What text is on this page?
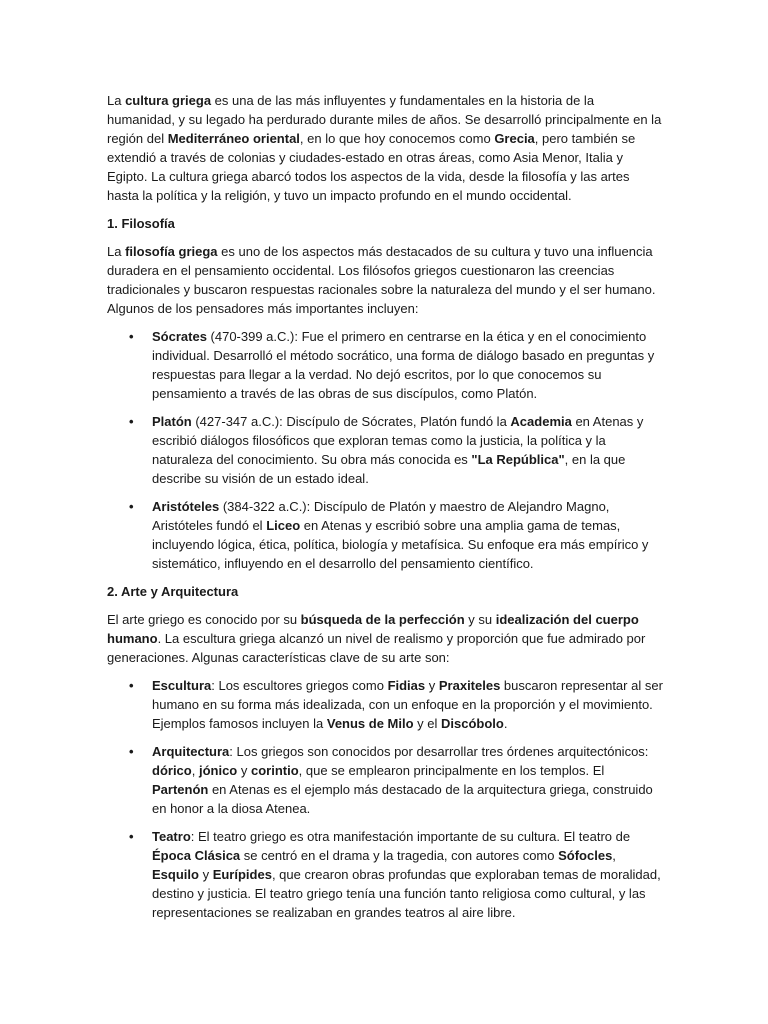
La cultura griega es una de las más influyentes y fundamentales en la historia de la humanidad, y su legado ha perdurado durante miles de años. Se desarrolló principalmente en la región del Mediterráneo oriental, en lo que hoy conocemos como Grecia, pero también se extendió a través de colonias y ciudades-estado en otras áreas, como Asia Menor, Italia y Egipto. La cultura griega abarcó todos los aspectos de la vida, desde la filosofía y las artes hasta la política y la religión, y tuvo un impacto profundo en el mundo occidental.

1. Filosofía

La filosofía griega es uno de los aspectos más destacados de su cultura y tuvo una influencia duradera en el pensamiento occidental. Los filósofos griegos cuestionaron las creencias tradicionales y buscaron respuestas racionales sobre la naturaleza del mundo y el ser humano. Algunos de los pensadores más importantes incluyen:

• Sócrates (470-399 a.C.): Fue el primero en centrarse en la ética y en el conocimiento individual. Desarrolló el método socrático, una forma de diálogo basado en preguntas y respuestas para llegar a la verdad. No dejó escritos, por lo que conocemos su pensamiento a través de las obras de sus discípulos, como Platón.
• Platón (427-347 a.C.): Discípulo de Sócrates, Platón fundó la Academia en Atenas y escribió diálogos filosóficos que exploran temas como la justicia, la política y la naturaleza del conocimiento. Su obra más conocida es "La República", en la que describe su visión de un estado ideal.
• Aristóteles (384-322 a.C.): Discípulo de Platón y maestro de Alejandro Magno, Aristóteles fundó el Liceo en Atenas y escribió sobre una amplia gama de temas, incluyendo lógica, ética, política, biología y metafísica. Su enfoque era más empírico y sistemático, influyendo en el desarrollo del pensamiento científico.

2. Arte y Arquitectura

El arte griego es conocido por su búsqueda de la perfección y su idealización del cuerpo humano. La escultura griega alcanzó un nivel de realismo y proporción que fue admirado por generaciones. Algunas características clave de su arte son:

• Escultura: Los escultores griegos como Fidias y Praxiteles buscaron representar al ser humano en su forma más idealizada, con un enfoque en la proporción y el movimiento. Ejemplos famosos incluyen la Venus de Milo y el Discóbolo.
• Arquitectura: Los griegos son conocidos por desarrollar tres órdenes arquitectónicos: dórico, jónico y corintio, que se emplearon principalmente en los templos. El Partenón en Atenas es el ejemplo más destacado de la arquitectura griega, construido en honor a la diosa Atenea.
• Teatro: El teatro griego es otra manifestación importante de su cultura. El teatro de Época Clásica se centró en el drama y la tragedia, con autores como Sófocles, Esquilo y Eurípides, que crearon obras profundas que exploraban temas de moralidad, destino y justicia. El teatro griego tenía una función tanto religiosa como cultural, y las representaciones se realizaban en grandes teatros al aire libre.
